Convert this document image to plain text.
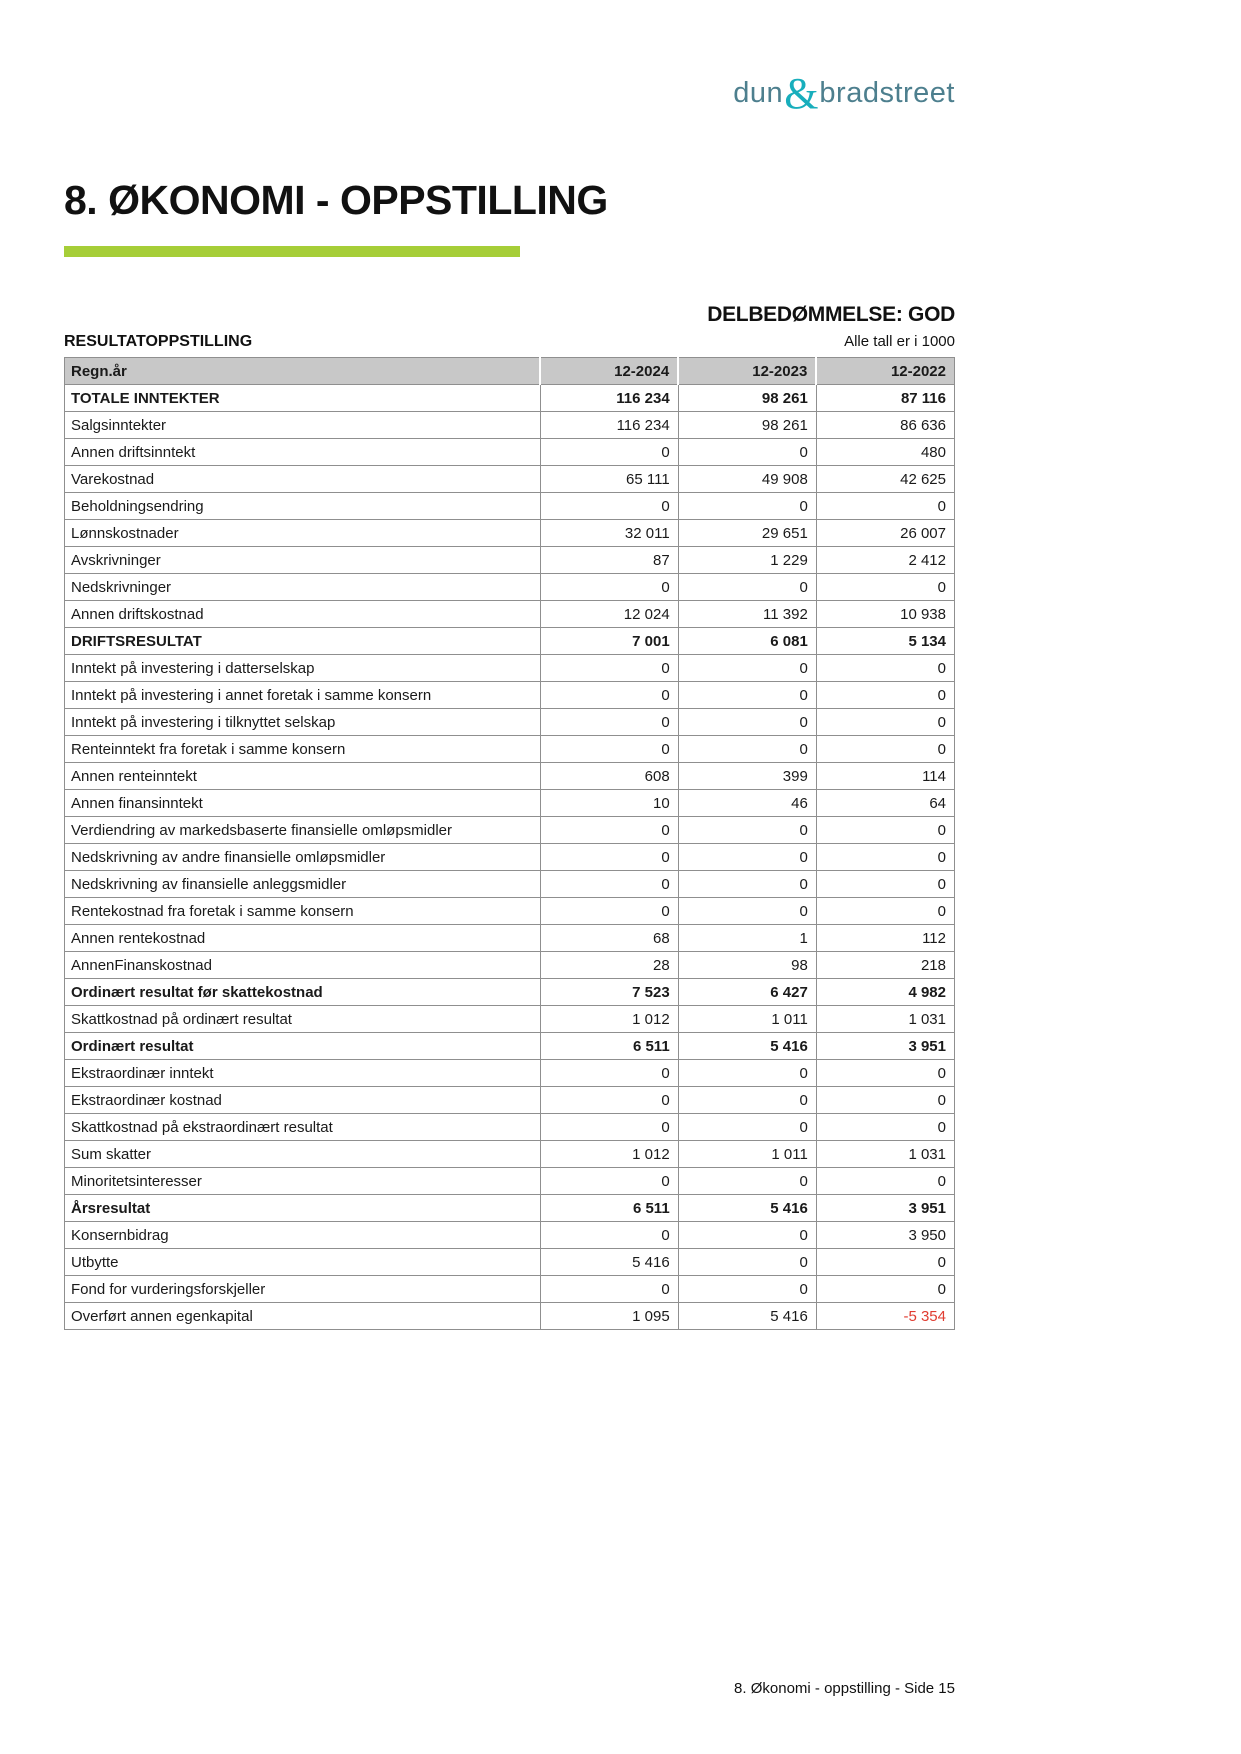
dun&bradstreet
8. ØKONOMI - OPPSTILLING
DELBEDØMMELSE: GOD
RESULTATOPPSTILLING	Alle tall er i 1000
Regn.år	12-2024	12-2023	12-2022
TOTALE INNTEKTER	116 234	98 261	87 116
Salgsinntekter	116 234	98 261	86 636
Annen driftsinntekt	0	0	480
Varekostnad	65 111	49 908	42 625
Beholdningsendring	0	0	0
Lønnskostnader	32 011	29 651	26 007
Avskrivninger	87	1 229	2 412
Nedskrivninger	0	0	0
Annen driftskostnad	12 024	11 392	10 938
DRIFTSRESULTAT	7 001	6 081	5 134
Inntekt på investering i datterselskap	0	0	0
Inntekt på investering i annet foretak i samme konsern	0	0	0
Inntekt på investering i tilknyttet selskap	0	0	0
Renteinntekt fra foretak i samme konsern	0	0	0
Annen renteinntekt	608	399	114
Annen finansinntekt	10	46	64
Verdiendring av markedsbaserte finansielle omløpsmidler	0	0	0
Nedskrivning av andre finansielle omløpsmidler	0	0	0
Nedskrivning av finansielle anleggsmidler	0	0	0
Rentekostnad fra foretak i samme konsern	0	0	0
Annen rentekostnad	68	1	112
AnnenFinanskostnad	28	98	218
Ordinært resultat før skattekostnad	7 523	6 427	4 982
Skattkostnad på ordinært resultat	1 012	1 011	1 031
Ordinært resultat	6 511	5 416	3 951
Ekstraordinær inntekt	0	0	0
Ekstraordinær kostnad	0	0	0
Skattkostnad på ekstraordinært resultat	0	0	0
Sum skatter	1 012	1 011	1 031
Minoritetsinteresser	0	0	0
Årsresultat	6 511	5 416	3 951
Konsernbidrag	0	0	3 950
Utbytte	5 416	0	0
Fond for vurderingsforskjeller	0	0	0
Overført annen egenkapital	1 095	5 416	-5 354
8. Økonomi - oppstilling - Side 15
